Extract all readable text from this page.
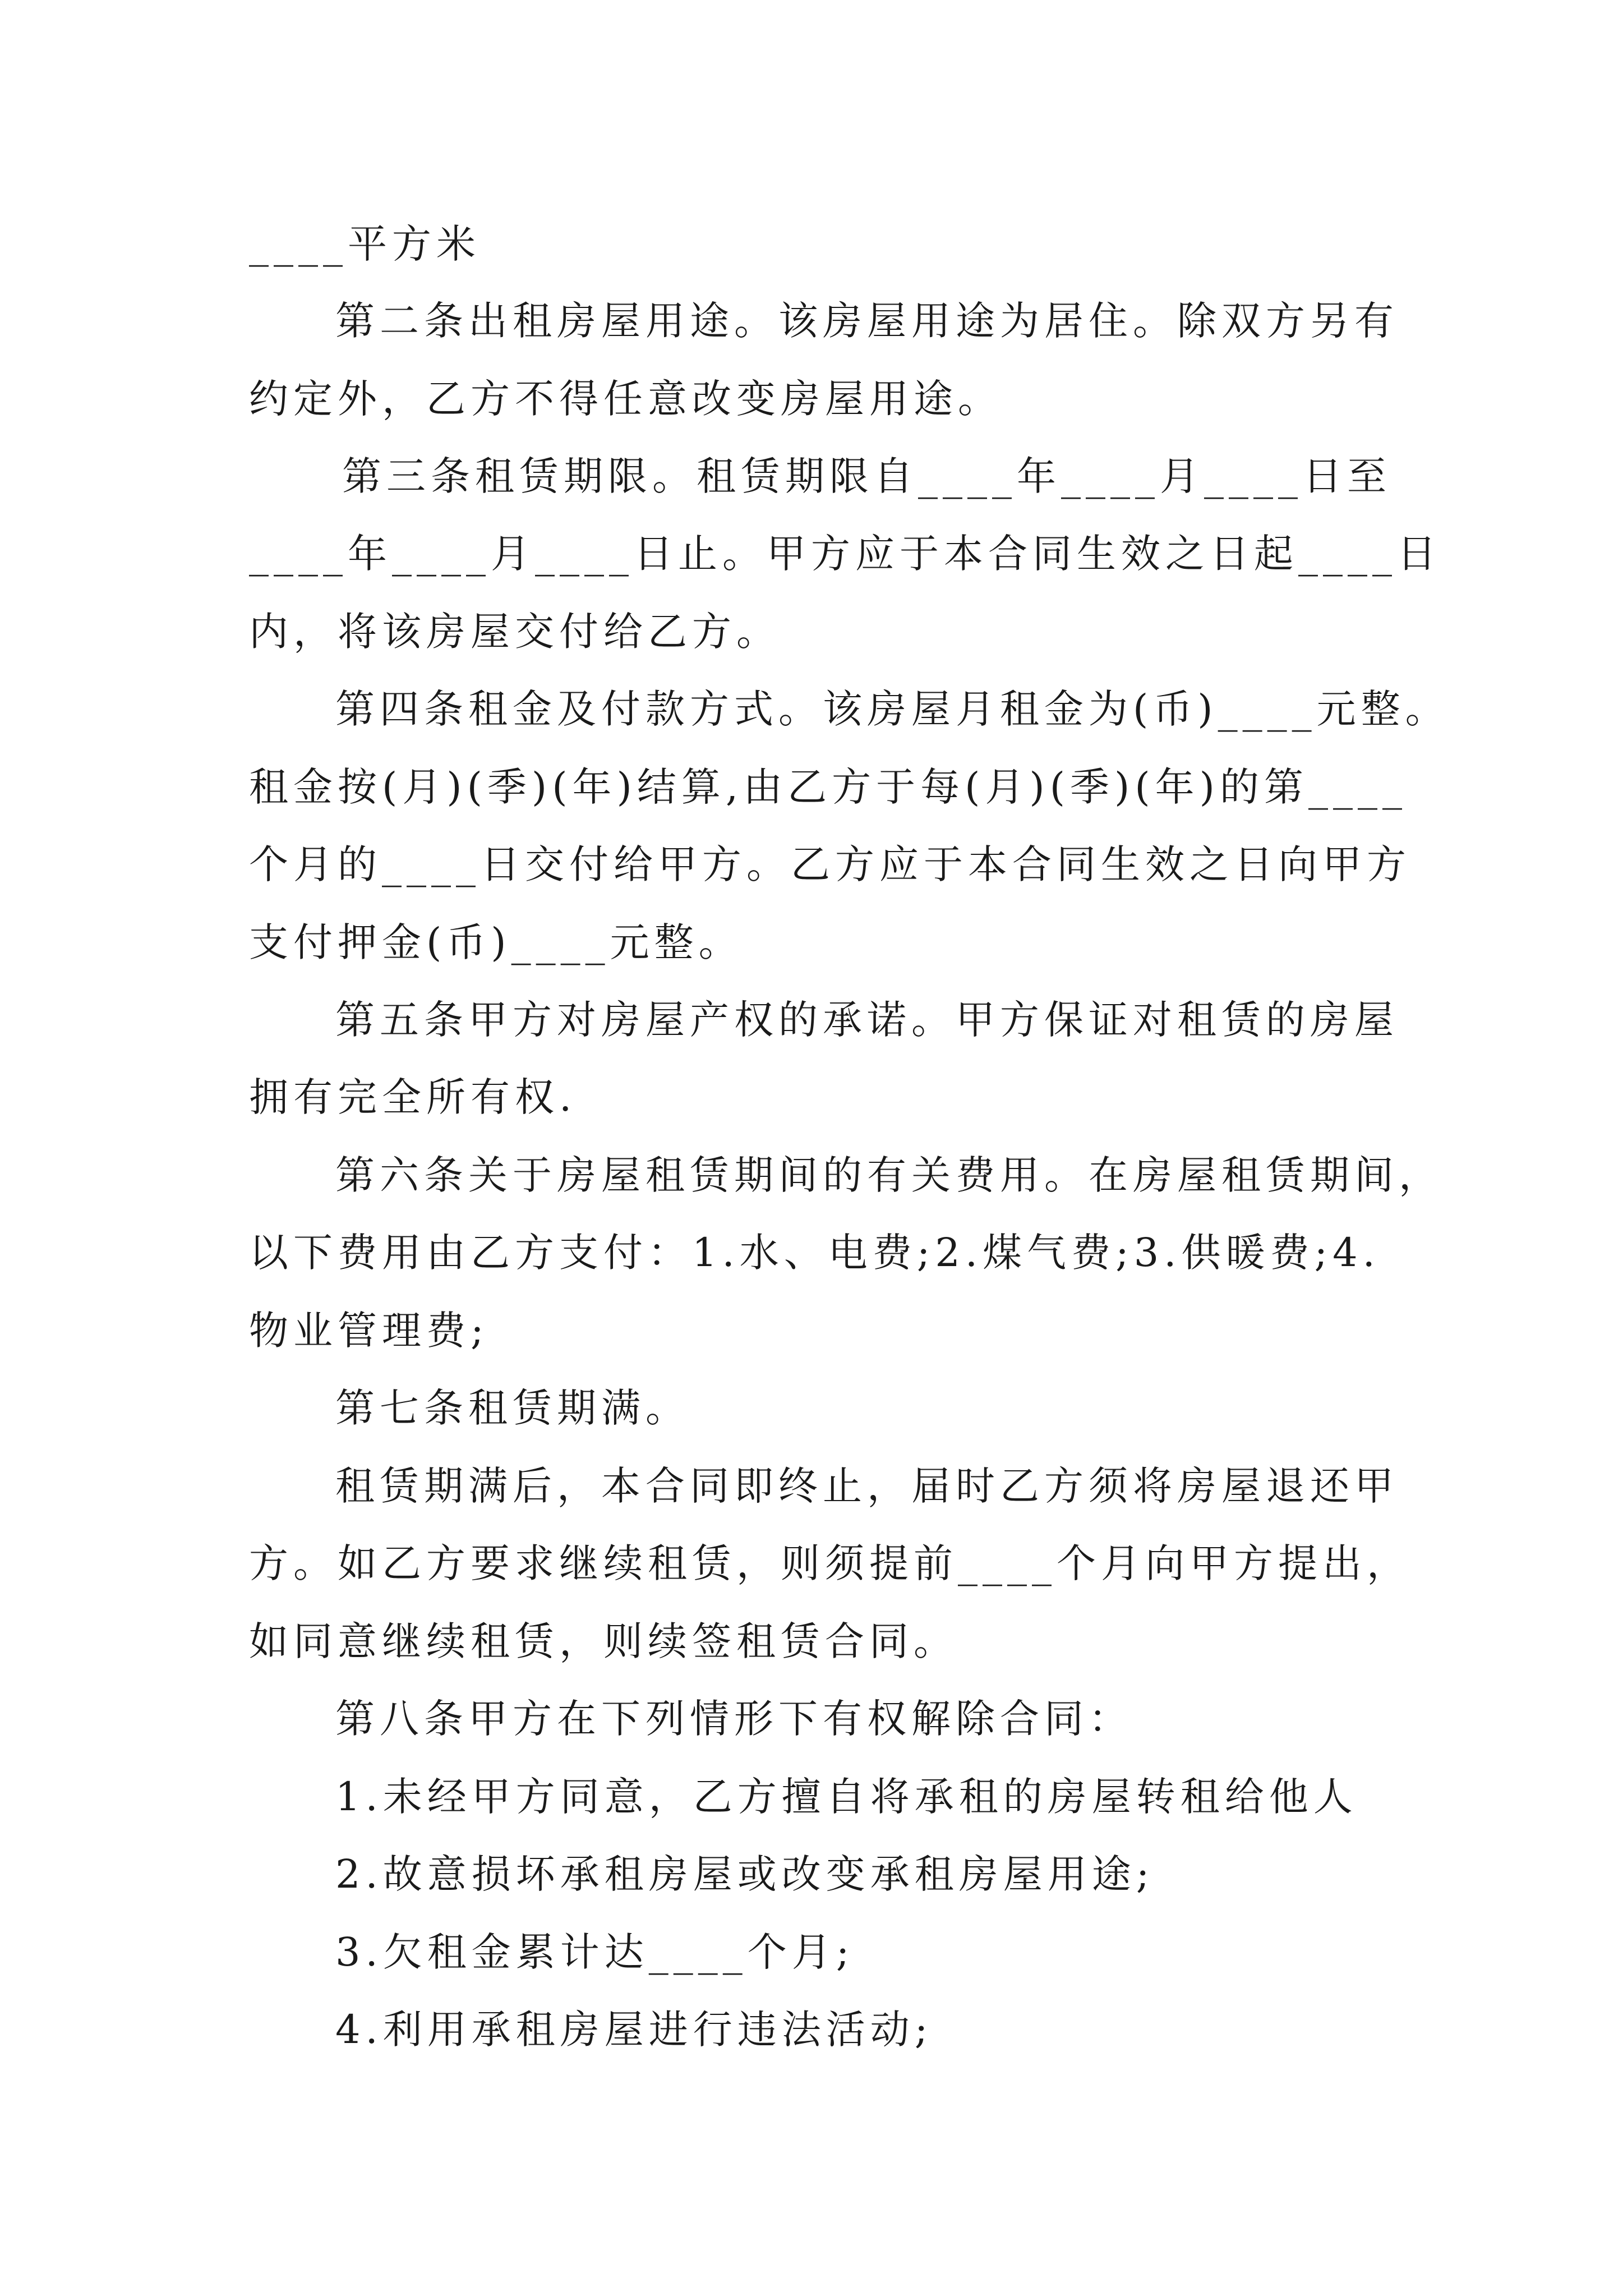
____平方米
第二条出租房屋用途。该房屋用途为居住。除双方另有
约定外，乙方不得任意改变房屋用途。
第三条租赁期限。租赁期限自____年____月____日至
____年____月____日止。甲方应于本合同生效之日起____日
内，将该房屋交付给乙方。
第四条租金及付款方式。该房屋月租金为(币)____元整。
租金按(月)(季)(年)结算,由乙方于每(月)(季)(年)的第____
个月的____日交付给甲方。乙方应于本合同生效之日向甲方
支付押金(币)____元整。
第五条甲方对房屋产权的承诺。甲方保证对租赁的房屋
拥有完全所有权.
第六条关于房屋租赁期间的有关费用。在房屋租赁期间，
以下费用由乙方支付：1.水、电费;2.煤气费;3.供暖费;4.
物业管理费;
第七条租赁期满。
租赁期满后，本合同即终止，届时乙方须将房屋退还甲
方。如乙方要求继续租赁，则须提前____个月向甲方提出，
如同意继续租赁，则续签租赁合同。
第八条甲方在下列情形下有权解除合同：
1.未经甲方同意，乙方擅自将承租的房屋转租给他人
2.故意损坏承租房屋或改变承租房屋用途;
3.欠租金累计达____个月;
4.利用承租房屋进行违法活动;
